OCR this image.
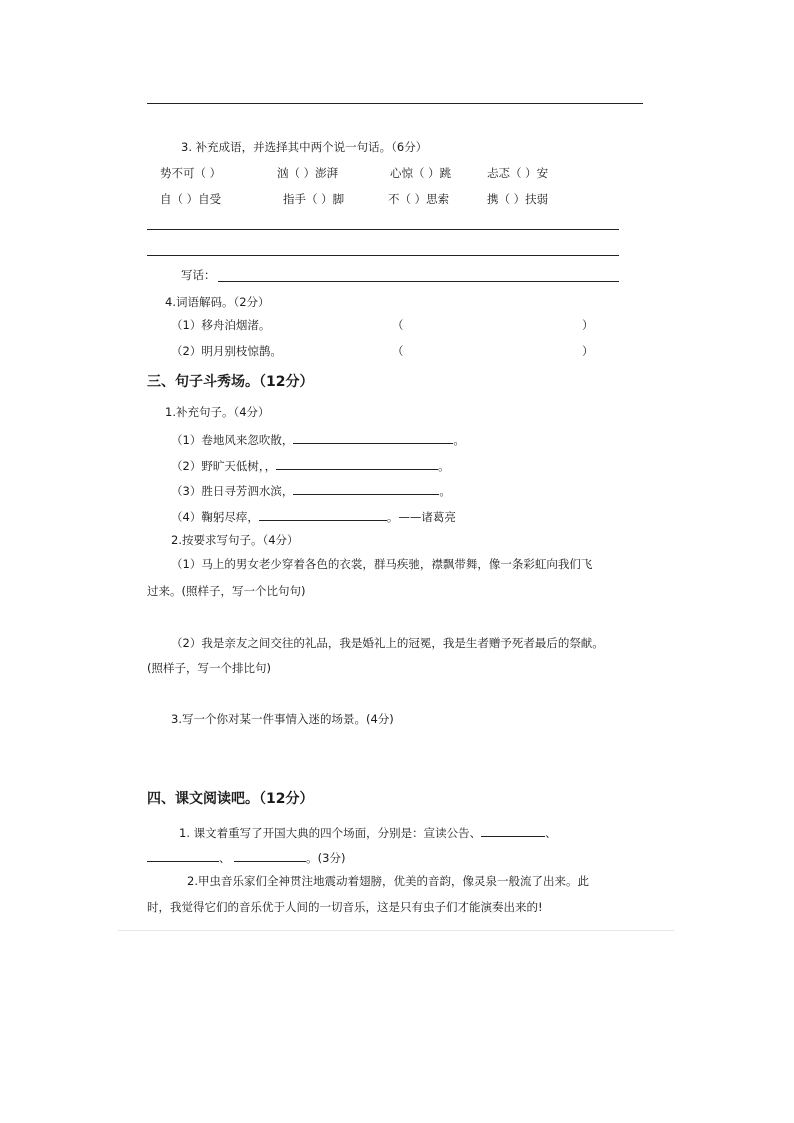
3. 补充成语，并选择其中两个说一句话。（6分）
势不可（ ）	汹（ ）澎湃	心惊（ ）跳	忐忑（ ）安
自（ ）自受	指手（ ）脚	不（ ）思索	携（ ）扶弱
写话：
4.词语解码。（2分）
（1）移舟泊烟渚。	（	）
（2）明月别枝惊鹊。	（	）
三、句子斗秀场。（12分）
1.补充句子。（4分）
（1）卷地风来忽吹散，	。
（2）野旷天低树，，	。
（3）胜日寻芳泗水滨，	。
（4）鞠躬尽瘁，	。——诸葛亮
2.按要求写句子。（4分）
（1）马上的男女老少穿着各色的衣裳，群马疾驰，襟飘带舞，像一条彩虹向我们飞
过来。(照样子，写一个比句句)
（2）我是亲友之间交往的礼品，我是婚礼上的冠冕，我是生者赠予死者最后的祭献。
(照样子，写一个排比句)
3.写一个你对某一件事情入迷的场景。(4分)
四、课文阅读吧。（12分）
1. 课文着重写了开国大典的四个场面，分别是：宣读公告、	、
、	。(3分)
2.甲虫音乐家们全神贯注地震动着翅膀，优美的音韵，像灵泉一般流了出来。此
时，我觉得它们的音乐优于人间的一切音乐，这是只有虫子们才能演奏出来的!
